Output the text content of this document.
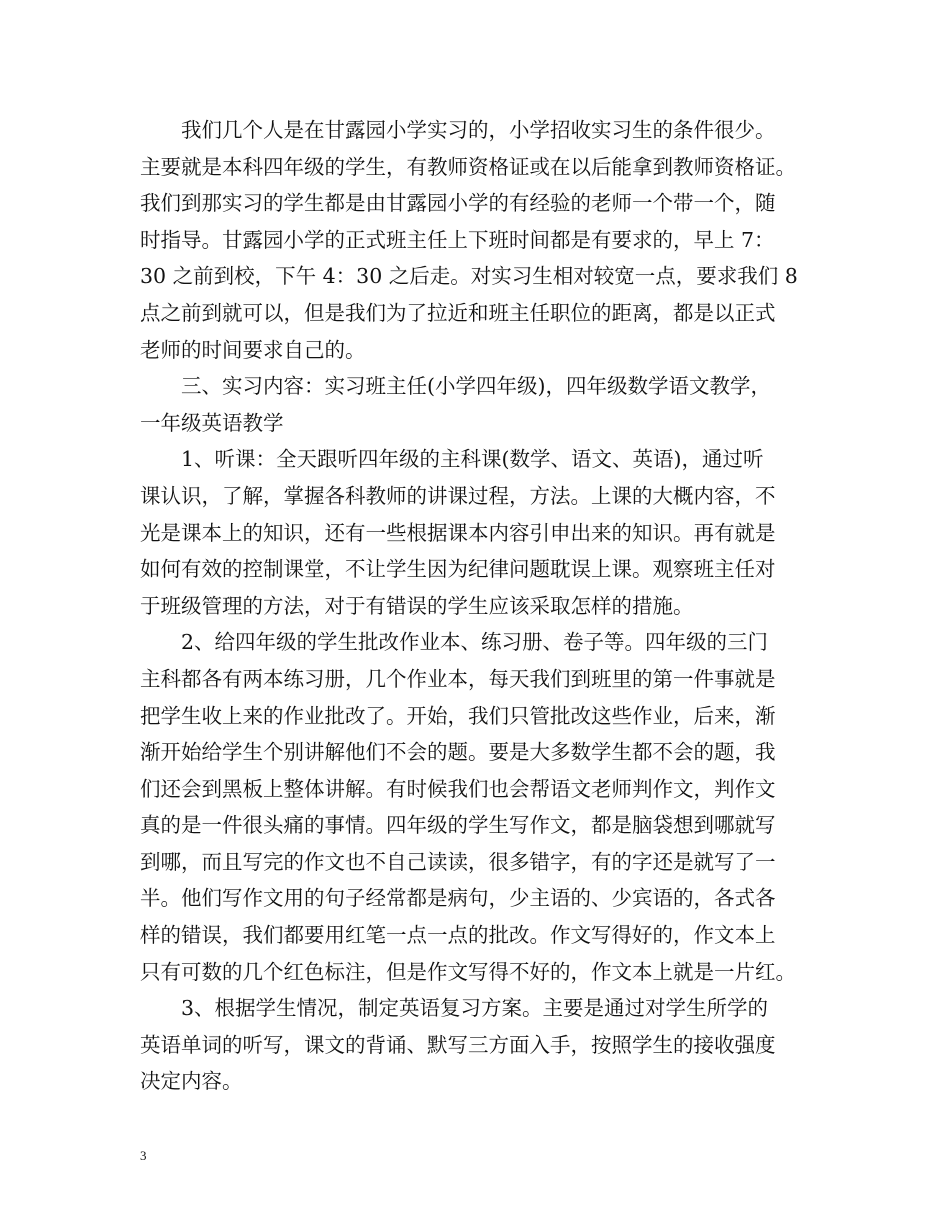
我们几个人是在甘露园小学实习的，小学招收实习生的条件很少。
主要就是本科四年级的学生，有教师资格证或在以后能拿到教师资格证。
我们到那实习的学生都是由甘露园小学的有经验的老师一个带一个，随
时指导。甘露园小学的正式班主任上下班时间都是有要求的，早上 7：
30 之前到校，下午 4：30 之后走。对实习生相对较宽一点，要求我们 8
点之前到就可以，但是我们为了拉近和班主任职位的距离，都是以正式
老师的时间要求自己的。
三、实习内容：实习班主任(小学四年级)，四年级数学语文教学，
一年级英语教学
1、听课：全天跟听四年级的主科课(数学、语文、英语)，通过听
课认识，了解，掌握各科教师的讲课过程，方法。上课的大概内容，不
光是课本上的知识，还有一些根据课本内容引申出来的知识。再有就是
如何有效的控制课堂，不让学生因为纪律问题耽误上课。观察班主任对
于班级管理的方法，对于有错误的学生应该采取怎样的措施。
2、给四年级的学生批改作业本、练习册、卷子等。四年级的三门
主科都各有两本练习册，几个作业本，每天我们到班里的第一件事就是
把学生收上来的作业批改了。开始，我们只管批改这些作业，后来，渐
渐开始给学生个别讲解他们不会的题。要是大多数学生都不会的题，我
们还会到黑板上整体讲解。有时候我们也会帮语文老师判作文，判作文
真的是一件很头痛的事情。四年级的学生写作文，都是脑袋想到哪就写
到哪，而且写完的作文也不自己读读，很多错字，有的字还是就写了一
半。他们写作文用的句子经常都是病句，少主语的、少宾语的，各式各
样的错误，我们都要用红笔一点一点的批改。作文写得好的，作文本上
只有可数的几个红色标注，但是作文写得不好的，作文本上就是一片红。
3、根据学生情况，制定英语复习方案。主要是通过对学生所学的
英语单词的听写，课文的背诵、默写三方面入手，按照学生的接收强度
决定内容。
3
